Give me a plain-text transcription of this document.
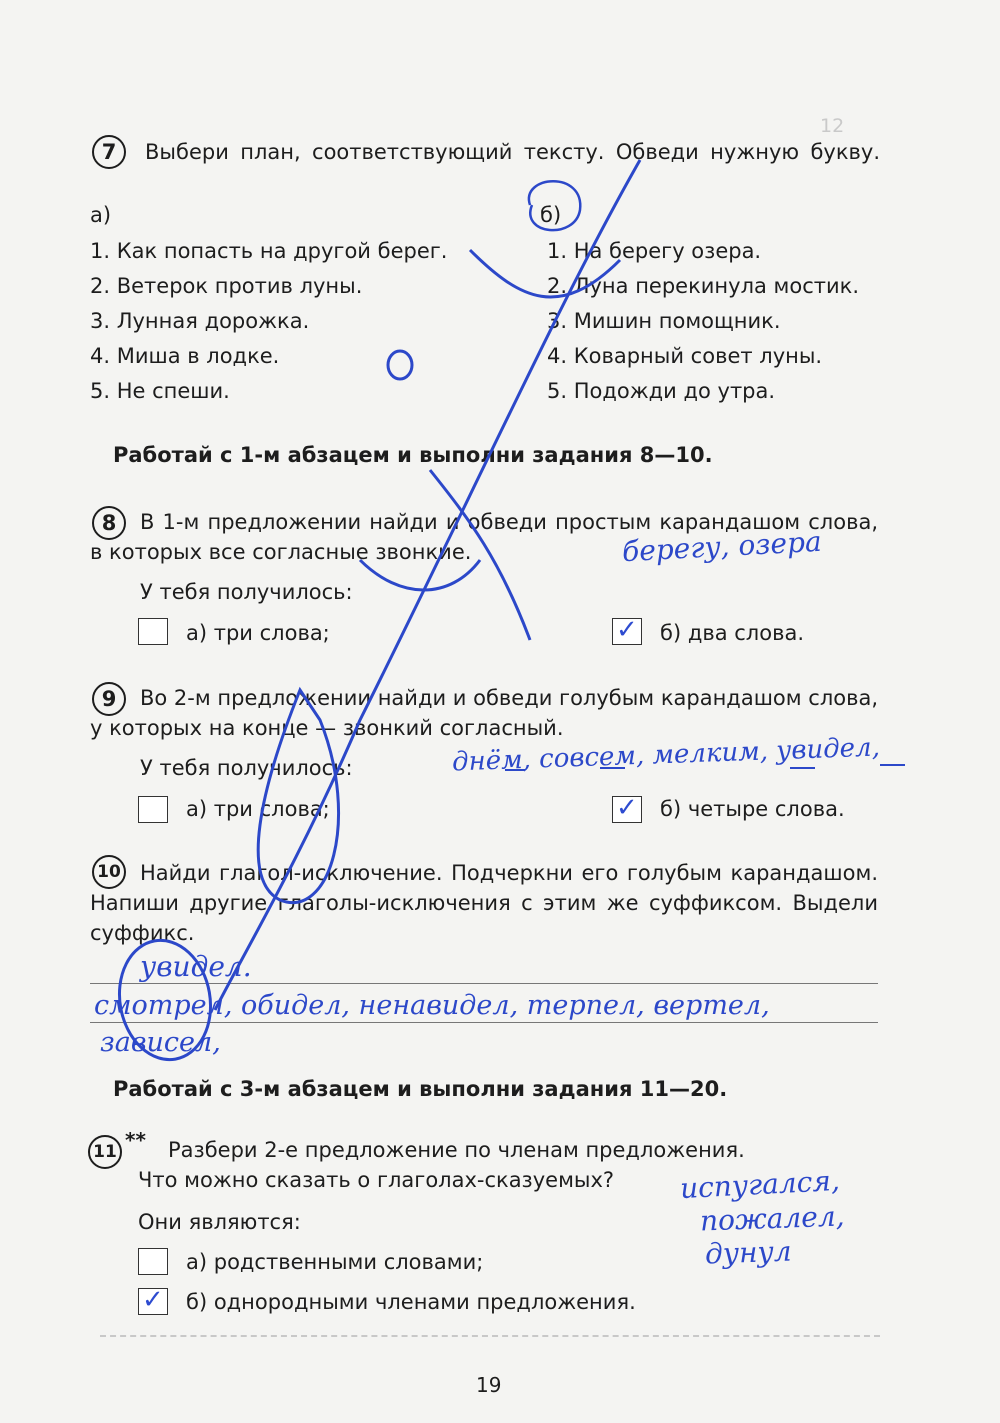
12
7	Выбери план, соответствующий тексту. Обведи нужную букву.
а)
1. Как попасть на другой берег.
2. Ветерок против луны.
3. Лунная дорожка.
4. Миша в лодке.
5. Не спеши.
б)
1. На берегу озера.
2. Луна перекинула мостик.
3. Мишин помощник.
4. Коварный совет луны.
5. Подожди до утра.
Работай с 1-м абзацем и выполни задания 8—10.
8	В 1-м предложении найди и обведи простым карандашом слова, в которых все согласные звонкие.	берегу, озера
У тебя получилось:
а) три слова;	✓ б) два слова.
9	Во 2-м предложении найди и обведи голубым карандашом слова, у которых на конце — звонкий согласный.
днём, совсем, мелким, увидел,
У тебя получилось:
а) три слова;	✓ б) четыре слова.
10 Найди глагол-исключение. Подчеркни его голубым карандашом. Напиши другие глаголы-исключения с этим же суффиксом. Выдели суффикс.
увидел.
смотрел, обидел, ненавидел, терпел, вертел,
зависел,
Работай с 3-м абзацем и выполни задания 11—20.
11 ** Разбери 2-е предложение по членам предложения.
Что можно сказать о глаголах-сказуемых? испугался,
пожалел,
дунул
Они являются:
а) родственными словами;
✓ б) однородными членами предложения.
19
